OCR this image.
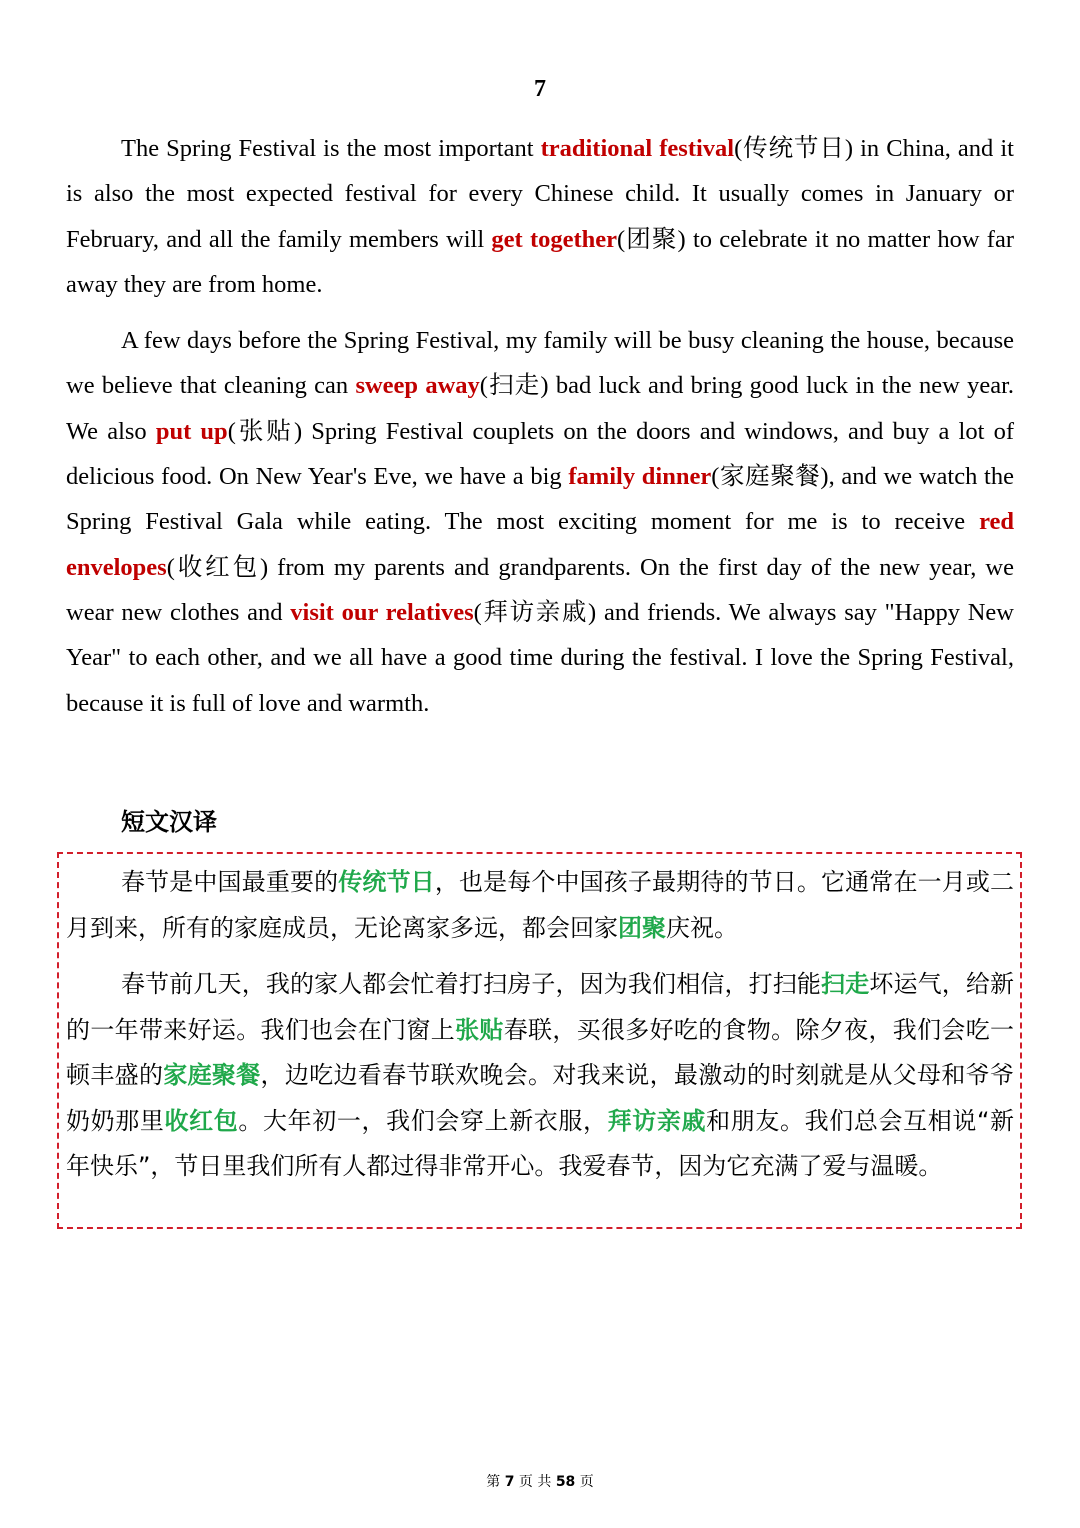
7

The Spring Festival is the most important traditional festival(传统节日) in China, and it is also the most expected festival for every Chinese child. It usually comes in January or February, and all the family members will get together(团聚) to celebrate it no matter how far away they are from home.

A few days before the Spring Festival, my family will be busy cleaning the house, because we believe that cleaning can sweep away(扫走) bad luck and bring good luck in the new year. We also put up(张贴) Spring Festival couplets on the doors and windows, and buy a lot of delicious food. On New Year's Eve, we have a big family dinner(家庭聚餐), and we watch the Spring Festival Gala while eating. The most exciting moment for me is to receive red envelopes(收红包) from my parents and grandparents. On the first day of the new year, we wear new clothes and visit our relatives(拜访亲戚) and friends. We always say "Happy New Year" to each other, and we all have a good time during the festival. I love the Spring Festival, because it is full of love and warmth.

短文汉译

春节是中国最重要的传统节日，也是每个中国孩子最期待的节日。它通常在一月或二月到来，所有的家庭成员，无论离家多远，都会回家团聚庆祝。

春节前几天，我的家人都会忙着打扫房子，因为我们相信，打扫能扫走坏运气，给新的一年带来好运。我们也会在门窗上张贴春联，买很多好吃的食物。除夕夜，我们会吃一顿丰盛的家庭聚餐，边吃边看春节联欢晚会。对我来说，最激动的时刻就是从父母和爷爷奶奶那里收红包。大年初一，我们会穿上新衣服，拜访亲戚和朋友。我们总会互相说“新年快乐”，节日里我们所有人都过得非常开心。我爱春节，因为它充满了爱与温暖。

第 7 页 共 58 页
